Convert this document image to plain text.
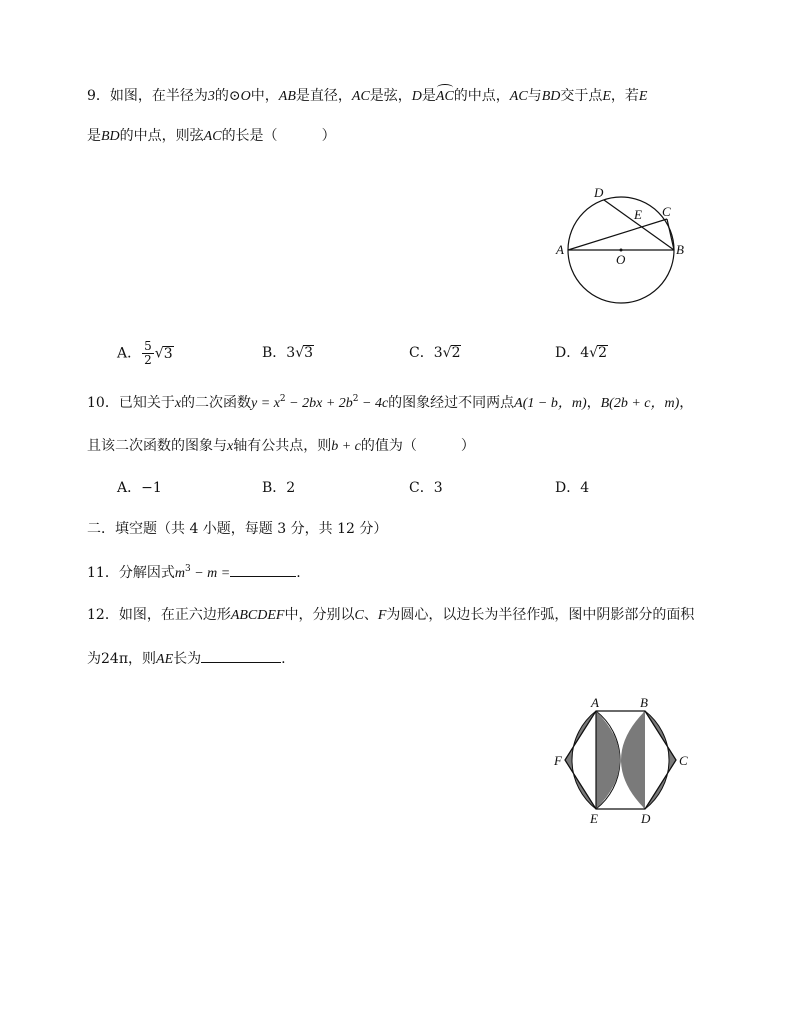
9．如图，在半径为3的⊙O中，AB是直径，AC是弦，D是AC的中点，AC与BD交于点E，若E
是BD的中点，则弦AC的长是（	）
D
E C
A
O
B
A． $\frac{5}{2} √3$	B．3√3	C．3√2	D．4√2
10．已知关于x的二次函数$y = x^2 - 2bx + 2b^2 - 4c$的图象经过不同两点A(1 − b，m)，B(2b + c，m)，
且该二次函数的图象与x轴有公共点，则b + c的值为（	）
A．−1	B．2	C．3	D．4
二．填空题（共 4 小题，每题 3 分，共 12 分）
11．分解因式$m^3 - m$ =	.
12．如图，在正六边形ABCDEF中，分别以C、F为圆心，以边长为半径作弧，图中阴影部分的面积
为24π，则AE长为	.
A	B
C
D
E
F
